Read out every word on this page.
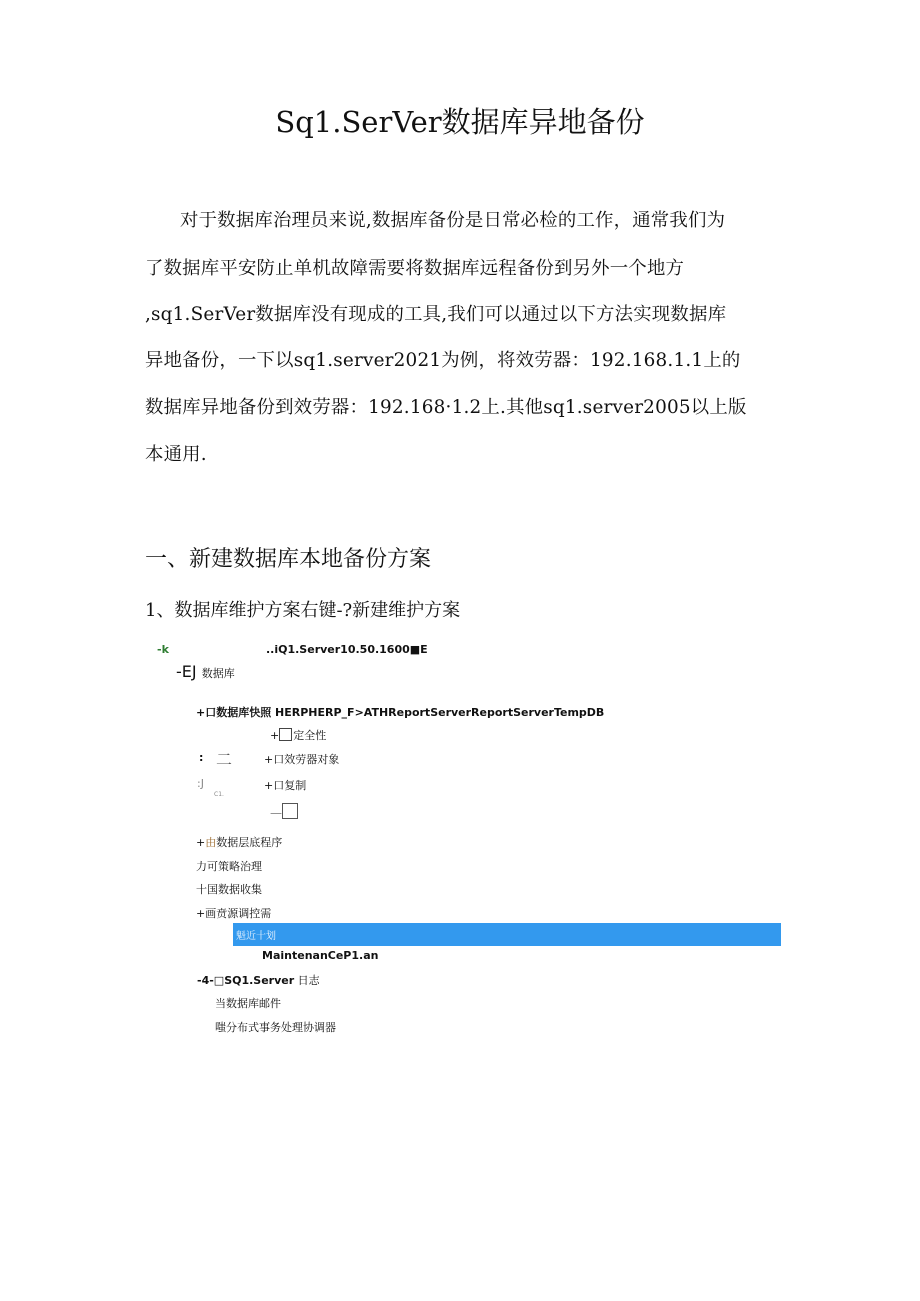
Sq1.SerVer数据库异地备份
对于数据库治理员来说,数据库备份是日常必检的工作，通常我们为
了数据库平安防止单机故障需要将数据库远程备份到另外一个地方
,sq1.SerVer数据库没有现成的工具,我们可以通过以下方法实现数据库
异地备份，一下以sq1.server2021为例，将效劳器：192.168.1.1上的
数据库异地备份到效劳器：192.168·1.2上.其他sq1.server2005以上版
本通用.
一、新建数据库本地备份方案
1、数据库维护方案右键-?新建维护方案
-k	..iQ1.Server10.50.1600■E
-EJ 数据库
+口数据库快照 HERPHERP_F>ATHReportServerReportServerTempDB
+ 定全性
: 二	+口效劳器对象
:J
C1.
+口复制
—
+由数据层底程序
力可策略治理
十国数据收集
+画贲源调控需
魁近十划
MaintenanCeP1.an
-4-□SQ1.Server 日志
当数据库邮件
嗤分布式事务处理协调器
